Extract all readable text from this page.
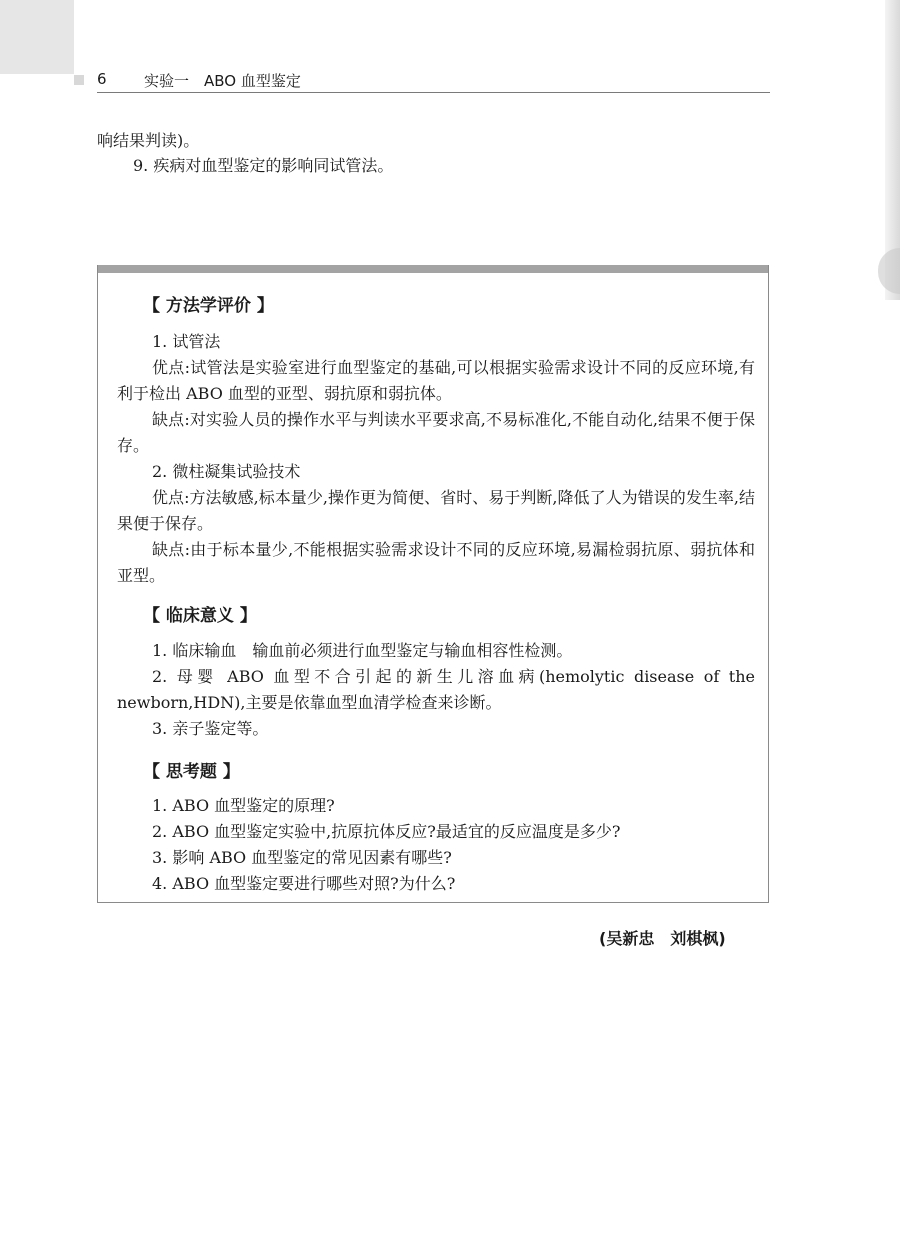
6 实验一　ABO 血型鉴定
响结果判读)。
9. 疾病对血型鉴定的影响同试管法。
【 方法学评价 】

1. 试管法

优点:试管法是实验室进行血型鉴定的基础,可以根据实验需求设计不同的反应环境,有利于检出 ABO 血型的亚型、弱抗原和弱抗体。

缺点:对实验人员的操作水平与判读水平要求高,不易标准化,不能自动化,结果不便于保存。

2. 微柱凝集试验技术

优点:方法敏感,标本量少,操作更为简便、省时、易于判断,降低了人为错误的发生率,结果便于保存。

缺点:由于标本量少,不能根据实验需求设计不同的反应环境,易漏检弱抗原、弱抗体和亚型。

【 临床意义 】

1. 临床输血　输血前必须进行血型鉴定与输血相容性检测。

2. 母婴 ABO 血型不合引起的新生儿溶血病(hemolytic disease of the newborn,HDN),主要是依靠血型血清学检查来诊断。

3. 亲子鉴定等。

【 思考题 】

1. ABO 血型鉴定的原理?

2. ABO 血型鉴定实验中,抗原抗体反应?最适宜的反应温度是多少?

3. 影响 ABO 血型鉴定的常见因素有哪些?

4. ABO 血型鉴定要进行哪些对照?为什么?

(吴新忠　刘棋枫)
